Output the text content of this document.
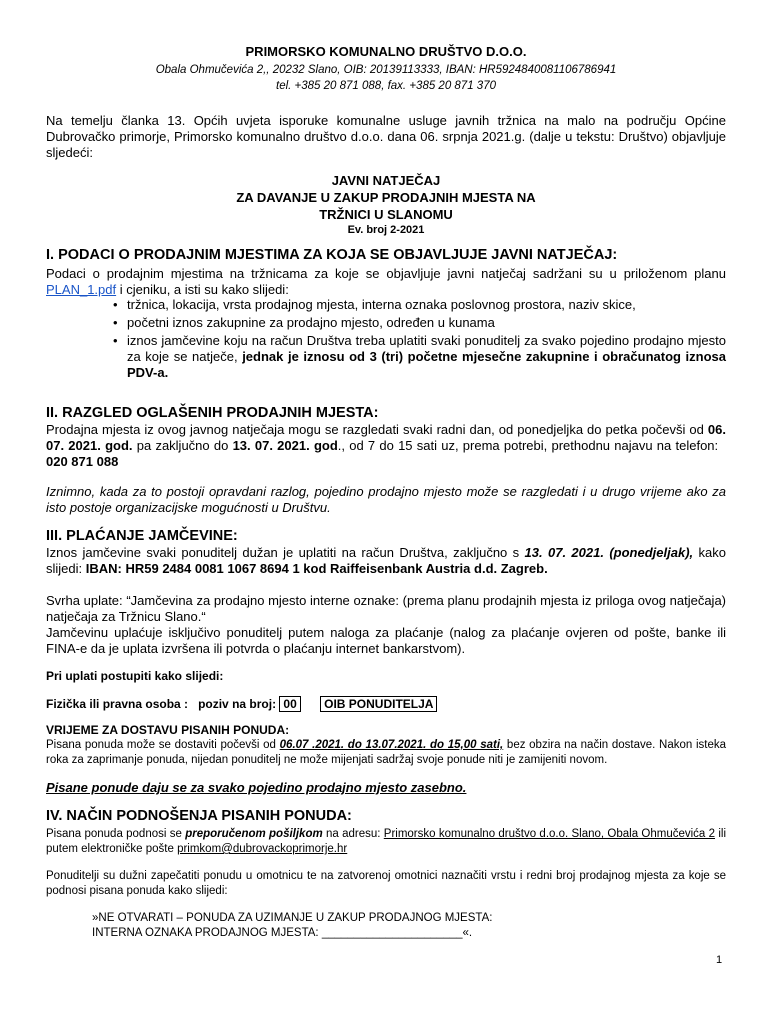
PRIMORSKO KOMUNALNO DRUŠTVO D.O.O.
Obala Ohmučevića 2,, 20232 Slano, OIB: 20139113333, IBAN: HR5924840081106786941
tel. +385 20 871 088, fax. +385 20 871 370
Na temelju članka 13. Općih uvjeta isporuke komunalne usluge javnih tržnica na malo na području Općine Dubrovačko primorje, Primorsko komunalno društvo d.o.o. dana 06. srpnja 2021.g. (dalje u tekstu: Društvo) objavljuje sljedeći:
JAVNI NATJEČAJ
ZA DAVANJE U ZAKUP PRODAJNIH MJESTA NA
TRŽNICI U SLANOMU
Ev. broj 2-2021
I. PODACI O PRODAJNIM MJESTIMA ZA KOJA SE OBJAVLJUJE JAVNI NATJEČAJ:
Podaci o prodajnim mjestima na tržnicama za koje se objavljuje javni natječaj sadržani su u priloženom planu PLAN_1.pdf i cjeniku, a isti su kako slijedi:
• tržnica, lokacija, vrsta prodajnog mjesta, interna oznaka poslovnog prostora, naziv skice,
• početni iznos zakupnine za prodajno mjesto, određen u kunama
• iznos jamčevine koju na račun Društva treba uplatiti svaki ponuditelj za svako pojedino prodajno mjesto za koje se natječe, jednak je iznosu od 3 (tri) početne mjesečne zakupnine i obračunatog iznosa PDV-a.
II. RAZGLED OGLAŠENIH PRODAJNIH MJESTA:
Prodajna mjesta iz ovog javnog natječaja mogu se razgledati svaki radni dan, od ponedjeljka do petka počevši od 06. 07. 2021. god. pa zaključno do 13. 07. 2021. god., od 7 do 15 sati uz, prema potrebi, prethodnu najavu na telefon:   020 871 088
Iznimno, kada za to postoji opravdani razlog, pojedino prodajno mjesto može se razgledati i u drugo vrijeme ako za isto postoje organizacijske mogućnosti u Društvu.
III. PLAĆANJE JAMČEVINE:
Iznos jamčevine svaki ponuditelj dužan je uplatiti na račun Društva, zaključno s 13. 07. 2021. (ponedjeljak), kako slijedi: IBAN: HR59 2484 0081 1067 8694 1 kod Raiffeisenbank Austria d.d. Zagreb.
Svrha uplate: “Jamčevina za prodajno mjesto interne oznake: (prema planu prodajnih mjesta iz priloga ovog natječaja) natječaja za Tržnicu Slano.“
Jamčevinu uplaćuje isključivo ponuditelj putem naloga za plaćanje (nalog za plaćanje ovjeren od pošte, banke ili FINA-e da je uplata izvršena ili potvrda o plaćanju internet bankarstvom).
Pri uplati postupiti kako slijedi:
Fizička ili pravna osoba : poziv na broj: 00 OIB PONUDITELJA
VRIJEME ZA DOSTAVU PISANIH PONUDA:
Pisana ponuda može se dostaviti počevši od 06.07 .2021. do 13.07.2021. do 15,00 sati, bez obzira na način dostave. Nakon isteka roka za zaprimanje ponuda, nijedan ponuditelj ne može mijenjati sadržaj svoje ponude niti je zamijeniti novom.
Pisane ponude daju se za svako pojedino prodajno mjesto zasebno.
IV. NAČIN PODNOŠENJA PISANIH PONUDA:
Pisana ponuda podnosi se preporučenom pošiljkom na adresu: Primorsko komunalno društvo d.o.o. Slano, Obala Ohmučevića 2 ili putem elektroničke pošte primkom@dubrovackoprimorje.hr
Ponuditelji su dužni zapečatiti ponudu u omotnicu te na zatvorenoj omotnici naznačiti vrstu i redni broj prodajnog mjesta za koje se podnosi pisana ponuda kako slijedi:
»NE OTVARATI – PONUDA ZA UZIMANJE U ZAKUP PRODAJNOG MJESTA:
INTERNA OZNAKA PRODAJNOG MJESTA: ______________________«.
1
